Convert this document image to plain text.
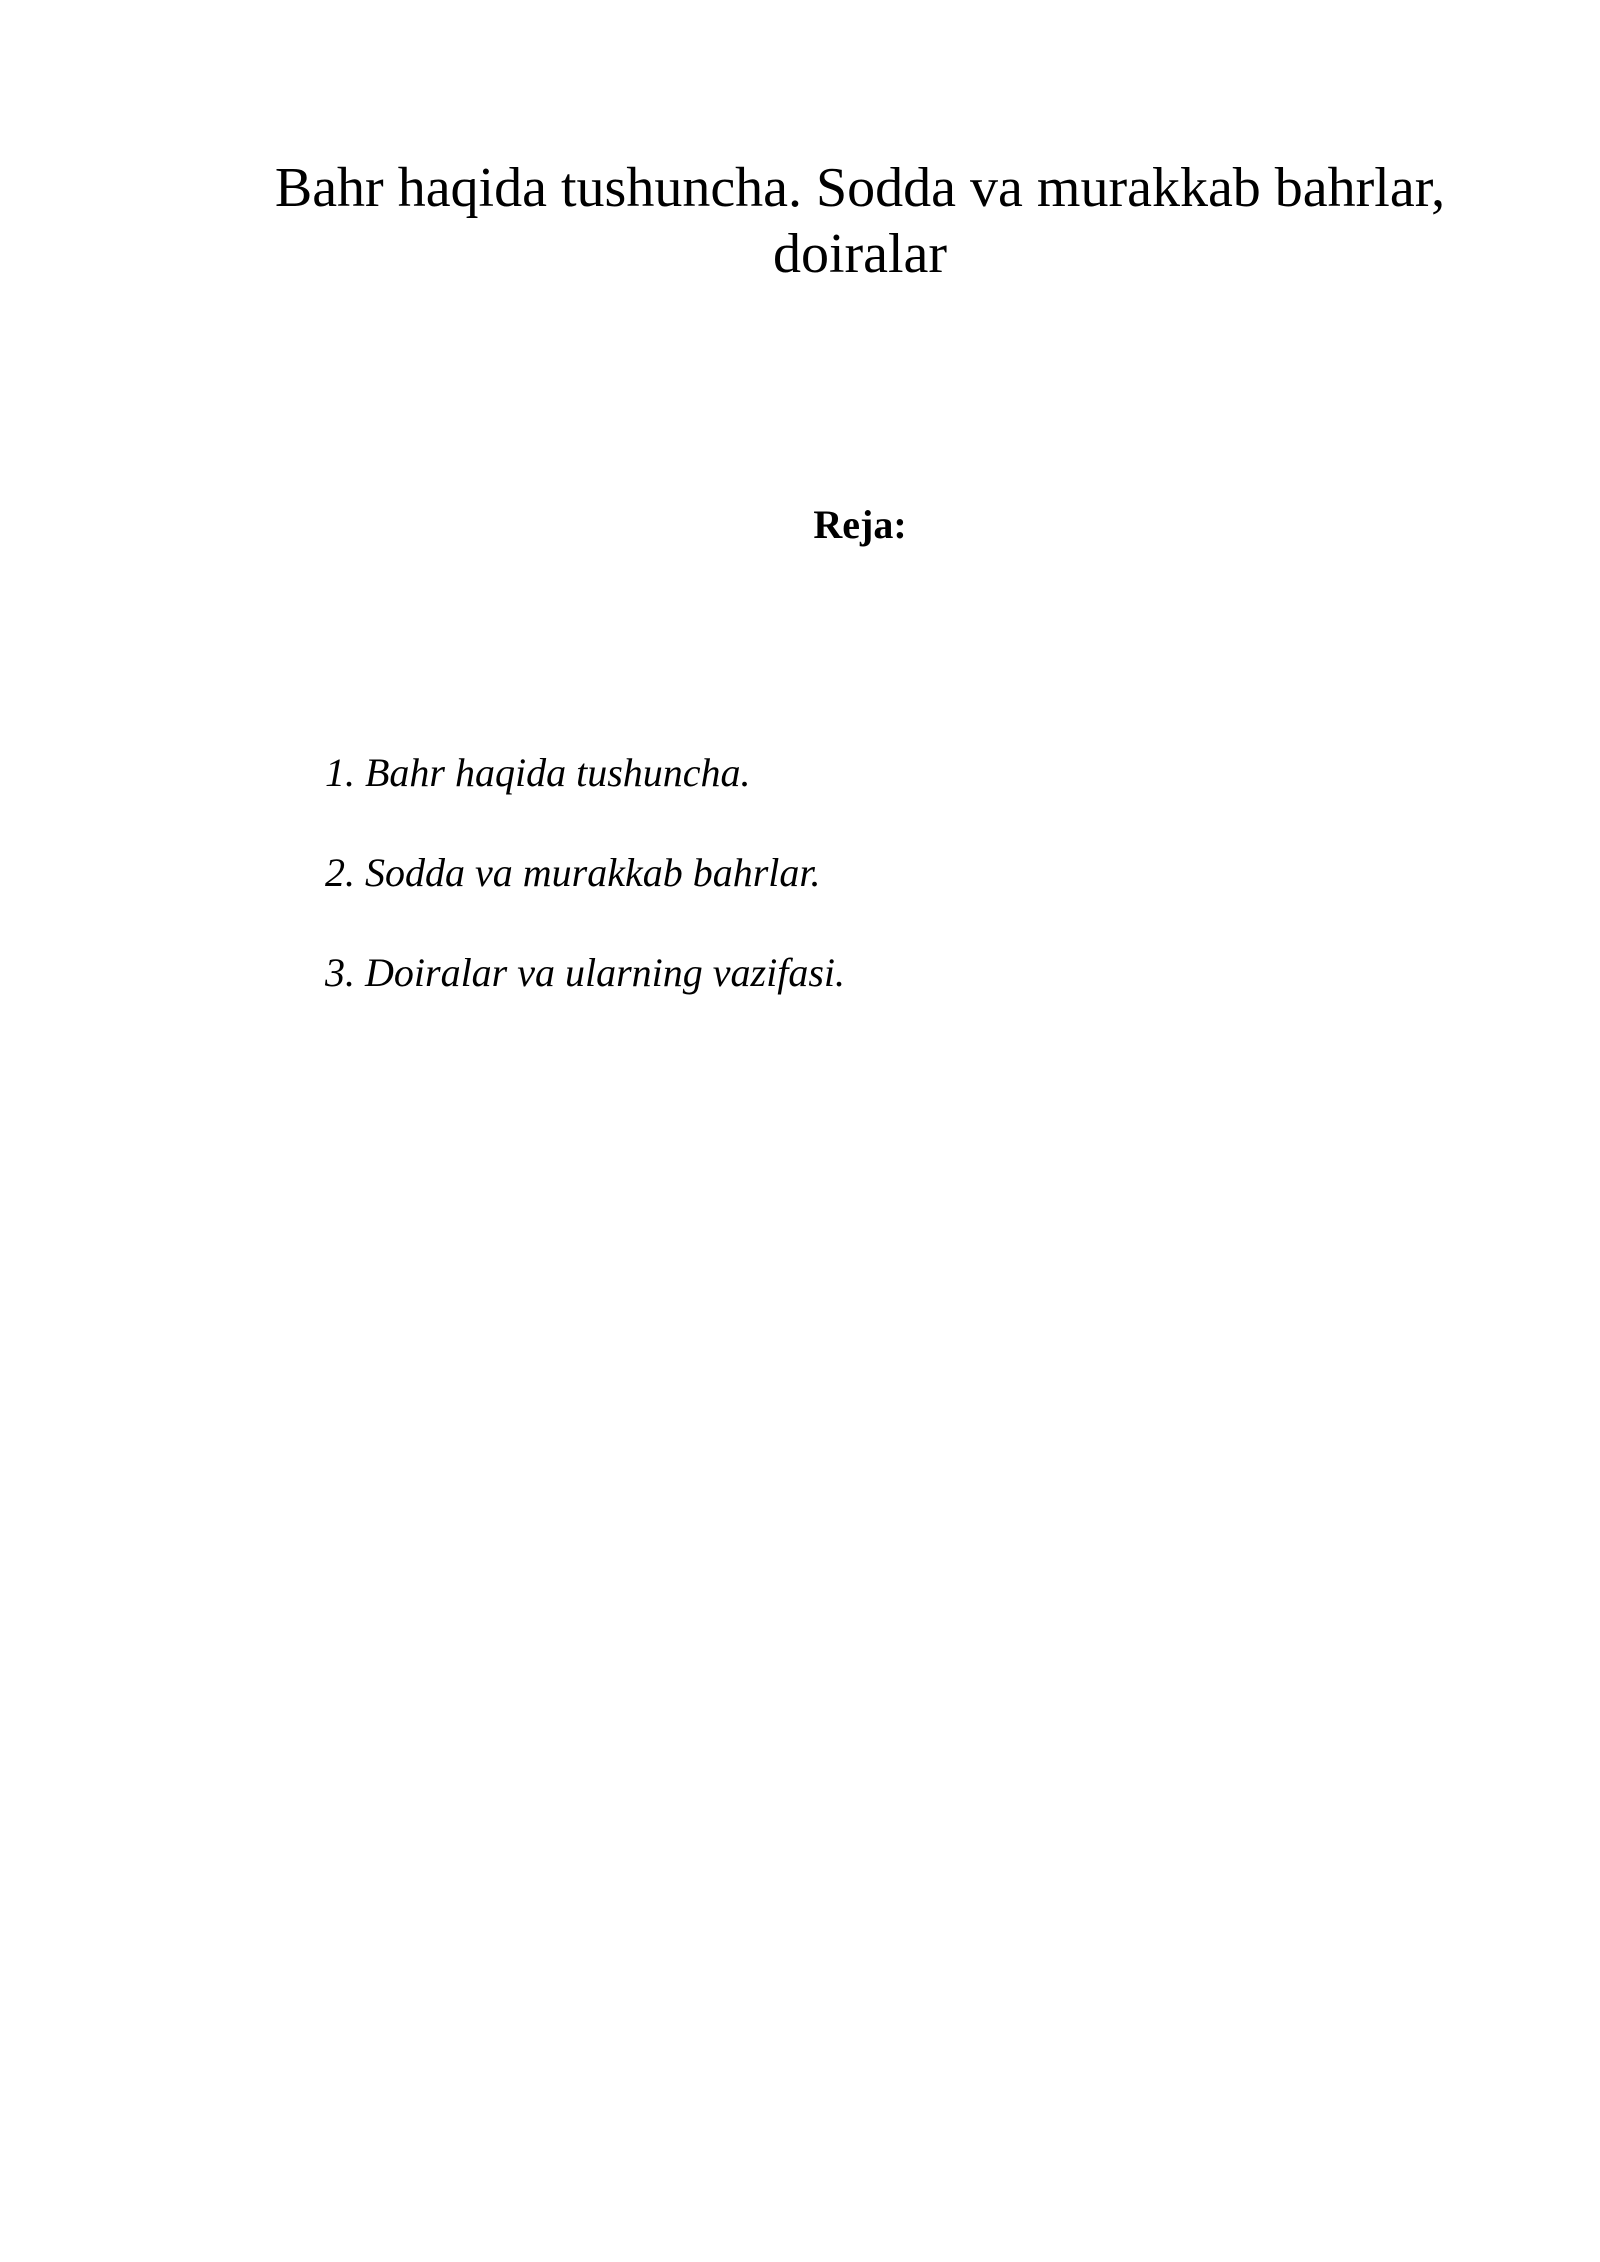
Bahr haqida tushuncha. Sodda va murakkab bahrlar,
doiralar
Reja:
1. Bahr haqida tushuncha.
2. Sodda va murakkab bahrlar.
3. Doiralar va ularning vazifasi.
